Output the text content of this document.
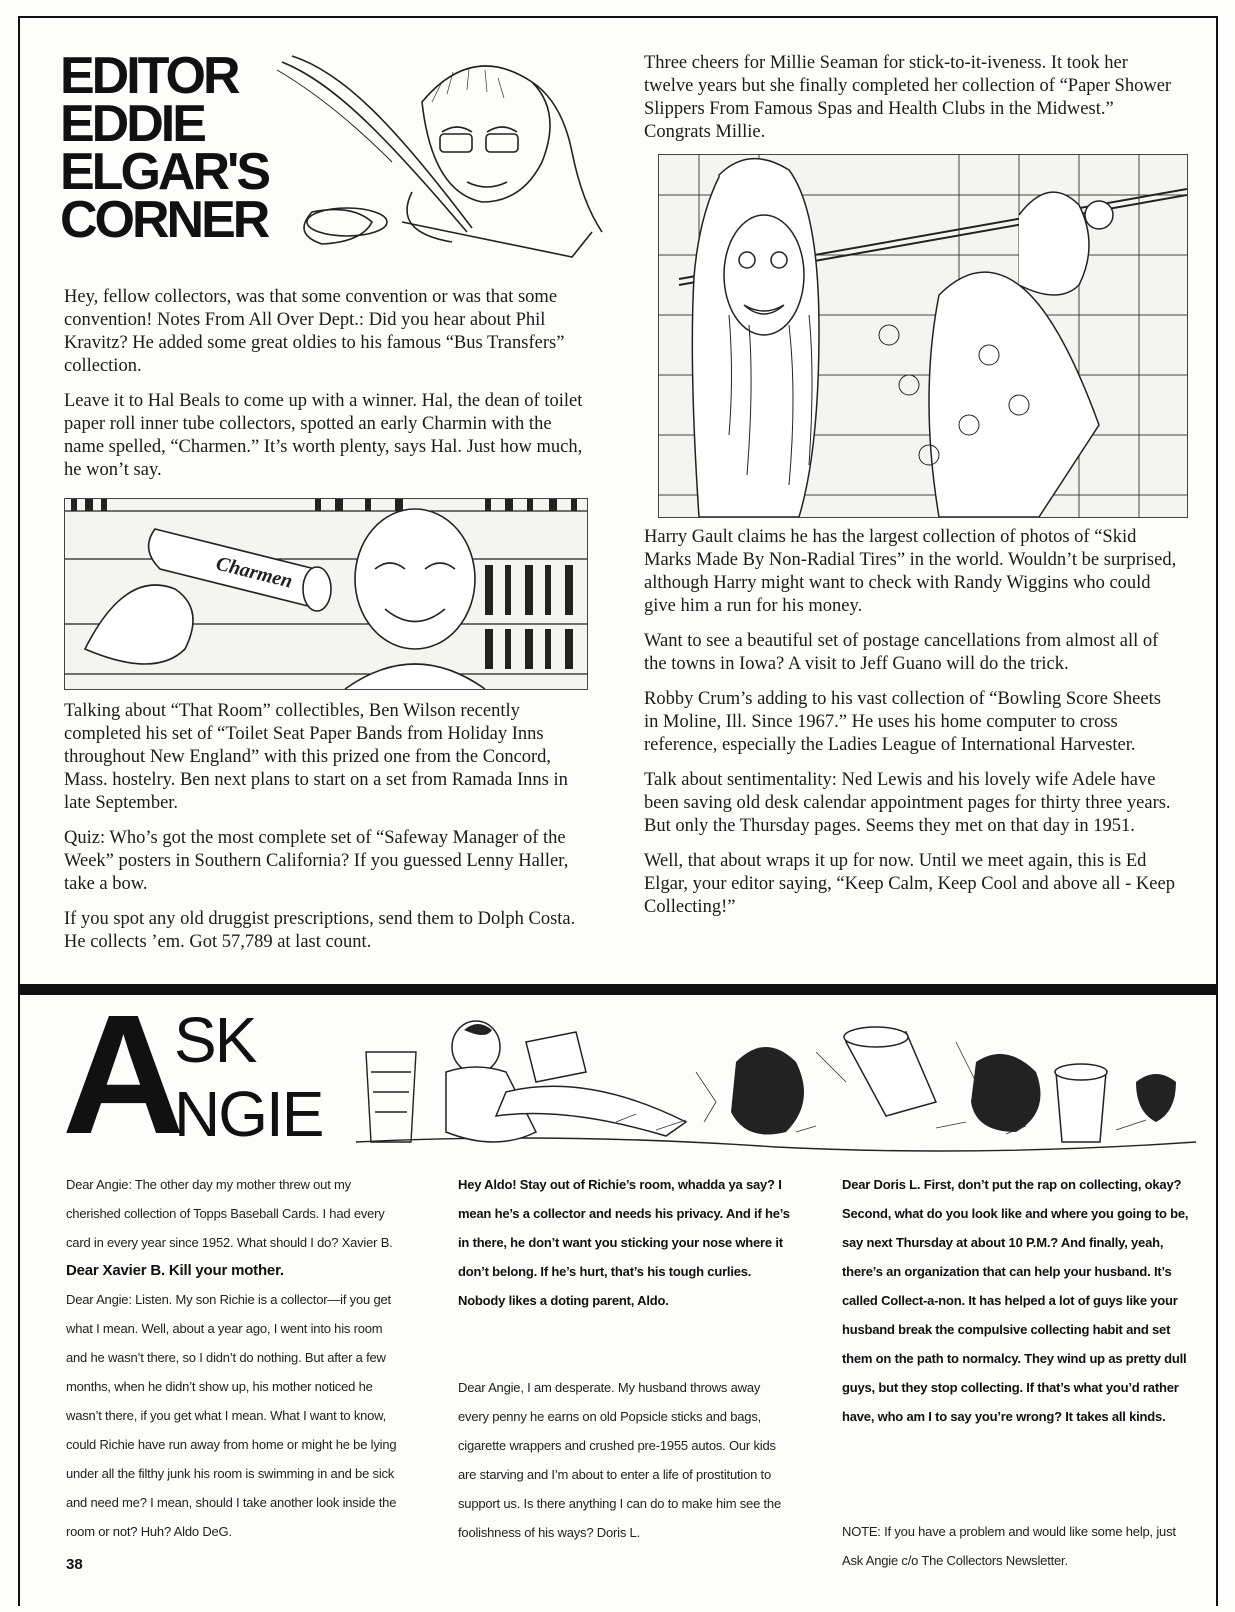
EDITOR
EDDIE
ELGAR'S
CORNER

Hey, fellow collectors, was that some convention or was that some convention! Notes From All Over Dept.: Did you hear about Phil Kravitz? He added some great oldies to his famous “Bus Transfers” collection.

Leave it to Hal Beals to come up with a winner. Hal, the dean of toilet paper roll inner tube collectors, spotted an early Charmin with the name spelled, “Charmen.” It’s worth plenty, says Hal. Just how much, he won’t say.

Charmen

Talking about “That Room” collectibles, Ben Wilson recently completed his set of “Toilet Seat Paper Bands from Holiday Inns throughout New England” with this prized one from the Concord, Mass. hostelry. Ben next plans to start on a set from Ramada Inns in late September.

Quiz: Who’s got the most complete set of “Safeway Manager of the Week” posters in Southern California? If you guessed Lenny Haller, take a bow.

If you spot any old druggist prescriptions, send them to Dolph Costa. He collects ’em. Got 57,789 at last count.

Three cheers for Millie Seaman for stick-to-it-iveness. It took her twelve years but she finally completed her collection of “Paper Shower Slippers From Famous Spas and Health Clubs in the Midwest.” Congrats Millie.

Harry Gault claims he has the largest collection of photos of “Skid Marks Made By Non-Radial Tires” in the world. Wouldn’t be surprised, although Harry might want to check with Randy Wiggins who could give him a run for his money.

Want to see a beautiful set of postage cancellations from almost all of the towns in Iowa? A visit to Jeff Guano will do the trick.

Robby Crum’s adding to his vast collection of “Bowling Score Sheets in Moline, Ill. Since 1967.” He uses his home computer to cross reference, especially the Ladies League of International Harvester.

Talk about sentimentality: Ned Lewis and his lovely wife Adele have been saving old desk calendar appointment pages for thirty three years. But only the Thursday pages. Seems they met on that day in 1951.

Well, that about wraps it up for now. Until we meet again, this is Ed Elgar, your editor saying, “Keep Calm, Keep Cool and above all - Keep Collecting!”

A
SK
NGIE

Dear Angie: The other day my mother threw out my cherished collection of Topps Baseball Cards. I had every card in every year since 1952. What should I do? Xavier B.

Dear Xavier B. Kill your mother.

Dear Angie: Listen. My son Richie is a collector—if you get what I mean. Well, about a year ago, I went into his room and he wasn’t there, so I didn’t do nothing. But after a few months, when he didn’t show up, his mother noticed he wasn’t there, if you get what I mean. What I want to know, could Richie have run away from home or might he be lying under all the filthy junk his room is swimming in and be sick and need me? I mean, should I take another look inside the room or not? Huh? Aldo DeG.

Hey Aldo! Stay out of Richie’s room, whadda ya say? I mean he’s a collector and needs his privacy. And if he’s in there, he don’t want you sticking your nose where it don’t belong. If he’s hurt, that’s his tough curlies. Nobody likes a doting parent, Aldo.

Dear Angie, I am desperate. My husband throws away every penny he earns on old Popsicle sticks and bags, cigarette wrappers and crushed pre-1955 autos. Our kids are starving and I’m about to enter a life of prostitution to support us. Is there anything I can do to make him see the foolishness of his ways? Doris L.

Dear Doris L. First, don’t put the rap on collecting, okay? Second, what do you look like and where you going to be, say next Thursday at about 10 P.M.? And finally, yeah, there’s an organization that can help your husband. It’s called Collect-a-non. It has helped a lot of guys like your husband break the compulsive collecting habit and set them on the path to normalcy. They wind up as pretty dull guys, but they stop collecting. If that’s what you’d rather have, who am I to say you’re wrong? It takes all kinds.

NOTE: If you have a problem and would like some help, just Ask Angie c/o The Collectors Newsletter.

38
